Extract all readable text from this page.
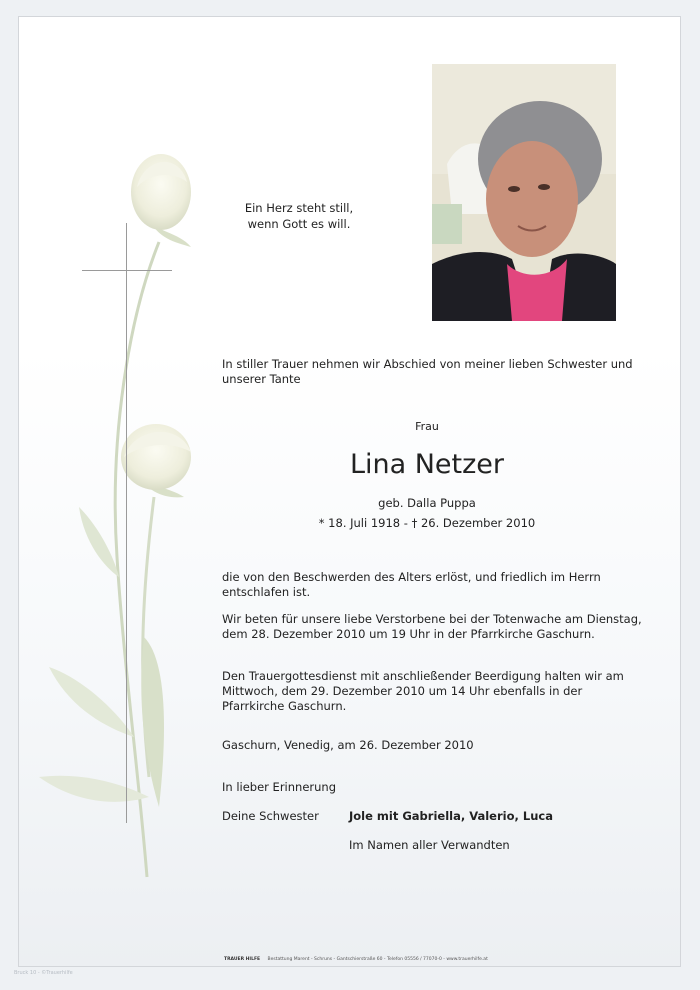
Ein Herz steht still,
wenn Gott es will.
In stiller Trauer nehmen wir Abschied von meiner lieben Schwester und unserer Tante
Frau
Lina Netzer
geb. Dalla Puppa
* 18. Juli 1918 - † 26. Dezember 2010
die von den Beschwerden des Alters erlöst, und friedlich im Herrn entschlafen ist.
Wir beten für unsere liebe Verstorbene bei der Totenwache am Dienstag, dem 28. Dezember 2010 um 19 Uhr in der Pfarrkirche Gaschurn.
Den Trauergottesdienst mit anschließender Beerdigung halten wir am Mittwoch, dem 29. Dezember 2010 um 14 Uhr ebenfalls in der Pfarrkirche Gaschurn.
Gaschurn, Venedig, am 26. Dezember 2010
In lieber Erinnerung
Deine Schwester	Jole mit Gabriella, Valerio, Luca
Im Namen aller Verwandten
TRAUER HILFE Bestattung Marent - Schruns - Gantschierstraße 60 - Telefon 05556 / 77070-0 - www.trauerhilfe.at
Bruck 10 - ©Trauerhilfe
